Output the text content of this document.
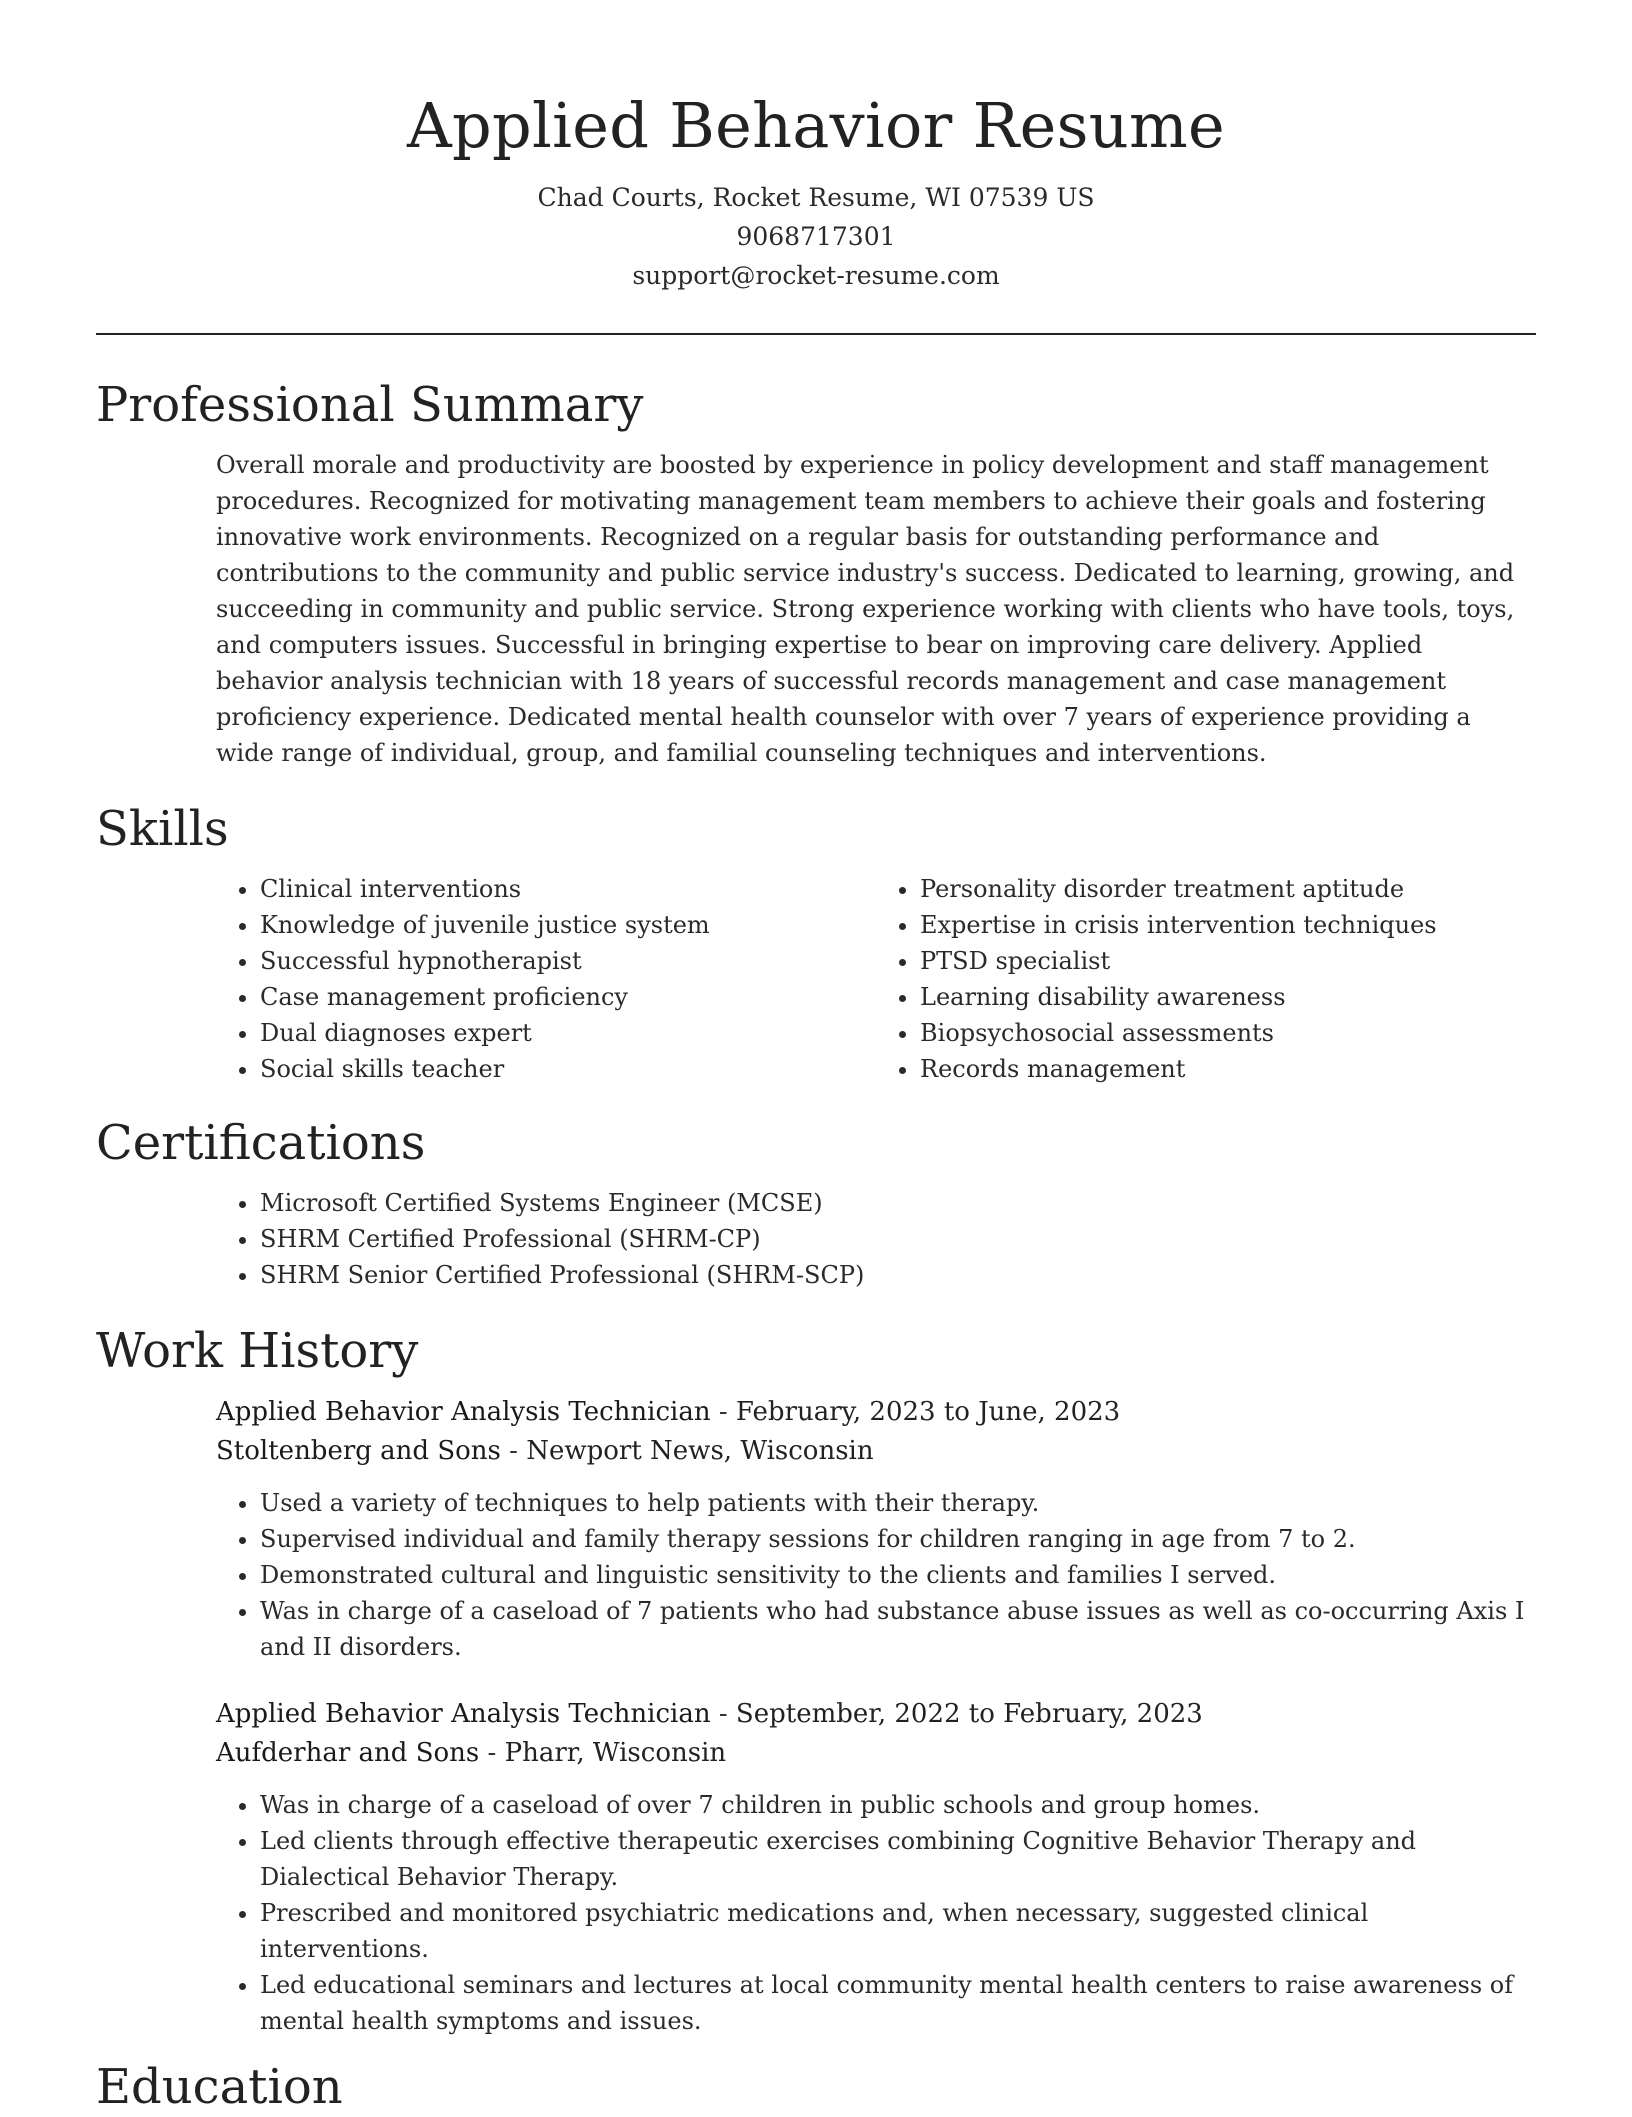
Applied Behavior Resume
Chad Courts, Rocket Resume, WI 07539 US
9068717301
support@rocket-resume.com
Professional Summary

Overall morale and productivity are boosted by experience in policy development and staff management procedures. Recognized for motivating management team members to achieve their goals and fostering innovative work environments. Recognized on a regular basis for outstanding performance and contributions to the community and public service industry's success. Dedicated to learning, growing, and succeeding in community and public service. Strong experience working with clients who have tools, toys, and computers issues. Successful in bringing expertise to bear on improving care delivery. Applied behavior analysis technician with 18 years of successful records management and case management proficiency experience. Dedicated mental health counselor with over 7 years of experience providing a wide range of individual, group, and familial counseling techniques and interventions.

Skills
• Clinical interventions
• Knowledge of juvenile justice system
• Successful hypnotherapist
• Case management proficiency
• Dual diagnoses expert
• Social skills teacher
• Personality disorder treatment aptitude
• Expertise in crisis intervention techniques
• PTSD specialist
• Learning disability awareness
• Biopsychosocial assessments
• Records management
Certifications
• Microsoft Certified Systems Engineer (MCSE)
• SHRM Certified Professional (SHRM-CP)
• SHRM Senior Certified Professional (SHRM-SCP)
Work History
Applied Behavior Analysis Technician - February, 2023 to June, 2023
Stoltenberg and Sons - Newport News, Wisconsin
• Used a variety of techniques to help patients with their therapy.
• Supervised individual and family therapy sessions for children ranging in age from 7 to 2.
• Demonstrated cultural and linguistic sensitivity to the clients and families I served.
• Was in charge of a caseload of 7 patients who had substance abuse issues as well as co-occurring Axis I and II disorders.
Applied Behavior Analysis Technician - September, 2022 to February, 2023
Aufderhar and Sons - Pharr, Wisconsin
• Was in charge of a caseload of over 7 children in public schools and group homes.
• Led clients through effective therapeutic exercises combining Cognitive Behavior Therapy and Dialectical Behavior Therapy.
• Prescribed and monitored psychiatric medications and, when necessary, suggested clinical interventions.
• Led educational seminars and lectures at local community mental health centers to raise awareness of mental health symptoms and issues.
Education
